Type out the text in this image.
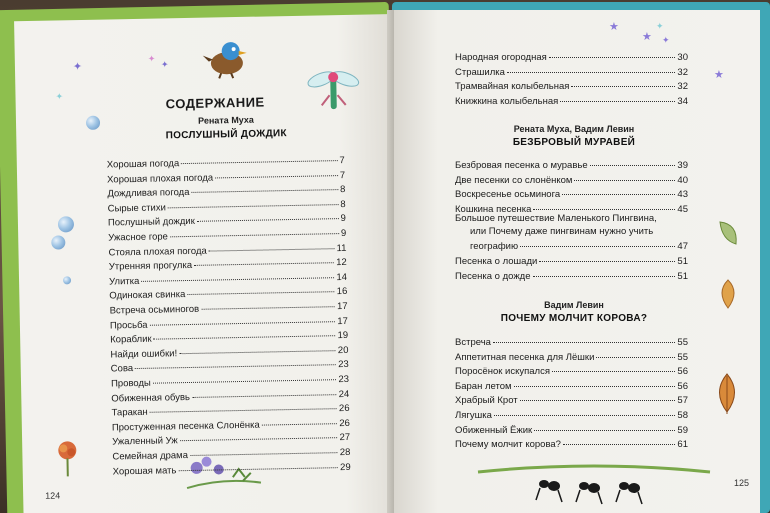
✦
✦
✦
✦	СОДЕРЖАНИЕ
Рената Муха
ПОСЛУШНЫЙ ДОЖДИК
Хорошая погода	7
Хорошая плохая погода	7
Дождливая погода	8
Сырые стихи	8
Послушный дождик	9
Ужасное горе	9
Стояла плохая погода	11
Утренняя прогулка	12
Улитка	14
Одинокая свинка	16
Встреча осьминогов	17
Просьба	17
Кораблик	19
Найди ошибки!	20
Сова	23
Проводы	23
Обиженная обувь	24
Таракан	26
Простуженная песенка Слонёнка	26
Ужаленный Уж	27
Семейная драма	28
Хорошая мать	29
124
★
★
✦
✦
★
Народная огородная	30
Страшилка	32
Трамвайная колыбельная	32
Книжкина колыбельная	34
Рената Муха, Вадим Левин
БЕЗБРОВЫЙ МУРАВЕЙ
Безбровая песенка о муравье	39
Две песенки со слонёнком	40
Воскресенье осьминога	43
Кошкина песенка	45
Большое путешествие Маленького Пингвина,
или Почему даже пингвинам нужно учить
географию	47
Песенка о лошади	51
Песенка о дожде	51
Вадим Левин
ПОЧЕМУ МОЛЧИТ КОРОВА?
Встреча	55
Аппетитная песенка для Лёшки	55
Поросёнок искупался	56
Баран летом	56
Храбрый Крот	57
Лягушка	58
Обиженный Ёжик	59
Почему молчит корова?	61
125
